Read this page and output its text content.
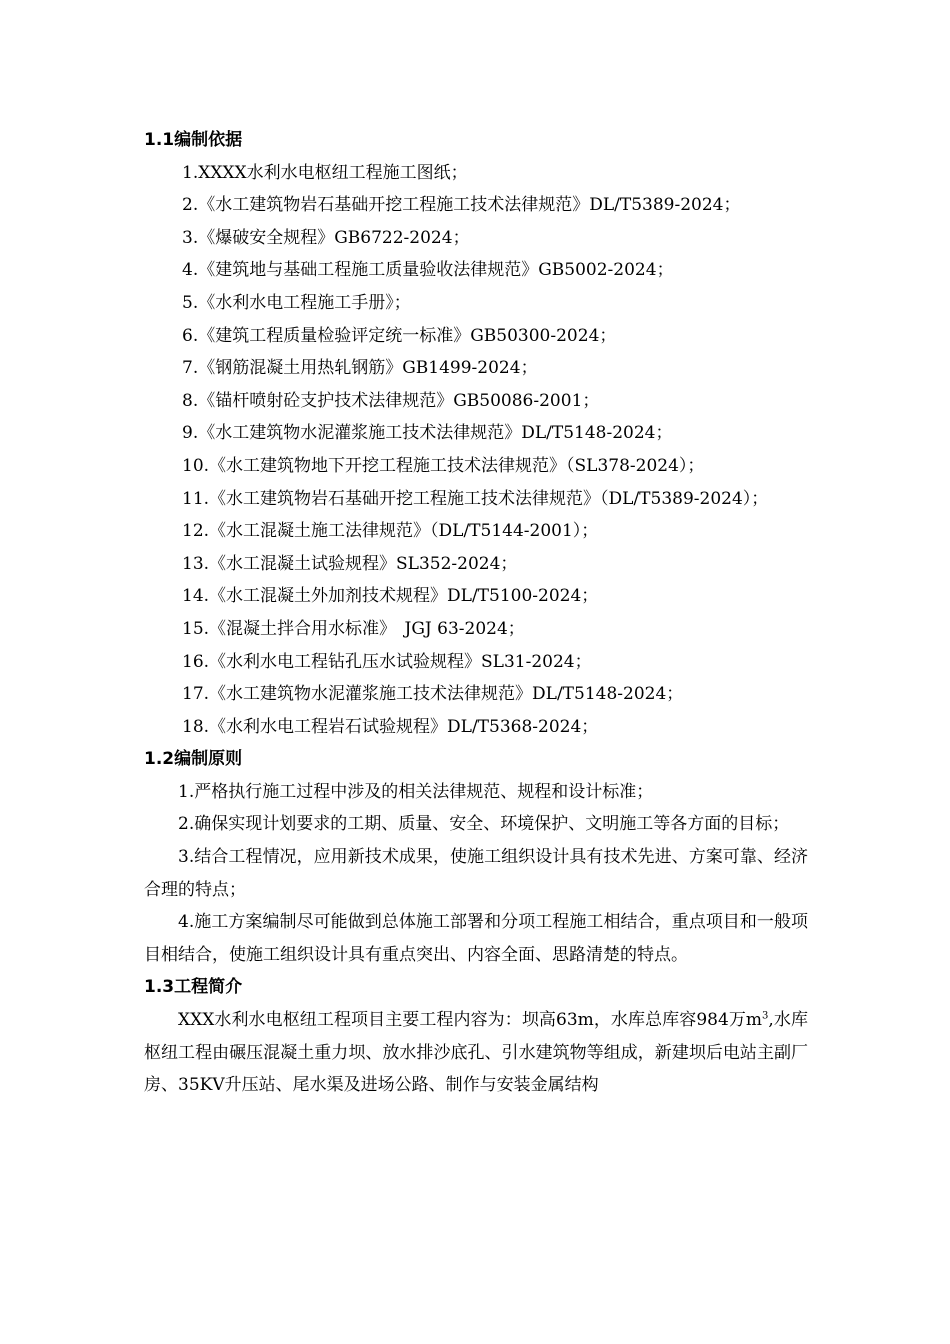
1.1编制依据

1.XXXX水利水电枢纽工程施工图纸；

2.《水工建筑物岩石基础开挖工程施工技术法律规范》DL/T5389-2024；

3.《爆破安全规程》GB6722-2024；

4.《建筑地与基础工程施工质量验收法律规范》GB5002-2024；

5.《水利水电工程施工手册》；

6.《建筑工程质量检验评定统一标准》GB50300-2024；

7.《钢筋混凝土用热轧钢筋》GB1499-2024；

8.《锚杆喷射砼支护技术法律规范》GB50086-2001；

9.《水工建筑物水泥灌浆施工技术法律规范》DL/T5148-2024；

10.《水工建筑物地下开挖工程施工技术法律规范》（SL378-2024）；

11.《水工建筑物岩石基础开挖工程施工技术法律规范》（DL/T5389-2024）；

12.《水工混凝土施工法律规范》（DL/T5144-2001）；

13.《水工混凝土试验规程》SL352-2024；

14.《水工混凝土外加剂技术规程》DL/T5100-2024；

15.《混凝土拌合用水标准》　JGJ 63-2024；

16.《水利水电工程钻孔压水试验规程》SL31-2024；

17.《水工建筑物水泥灌浆施工技术法律规范》DL/T5148-2024；

18.《水利水电工程岩石试验规程》DL/T5368-2024；

1.2编制原则

1.严格执行施工过程中涉及的相关法律规范、规程和设计标准；

2.确保实现计划要求的工期、质量、安全、环境保护、文明施工等各方面的目标；

3.结合工程情况，应用新技术成果，使施工组织设计具有技术先进、方案可靠、经济合理的特点；

4.施工方案编制尽可能做到总体施工部署和分项工程施工相结合，重点项目和一般项目相结合，使施工组织设计具有重点突出、内容全面、思路清楚的特点。

1.3工程简介

XXX水利水电枢纽工程项目主要工程内容为：坝高63m，水库总库容984万$m^3$,水库枢纽工程由碾压混凝土重力坝、放水排沙底孔、引水建筑物等组成，新建坝后电站主副厂房、35KV升压站、尾水渠及进场公路、制作与安装金属结构
